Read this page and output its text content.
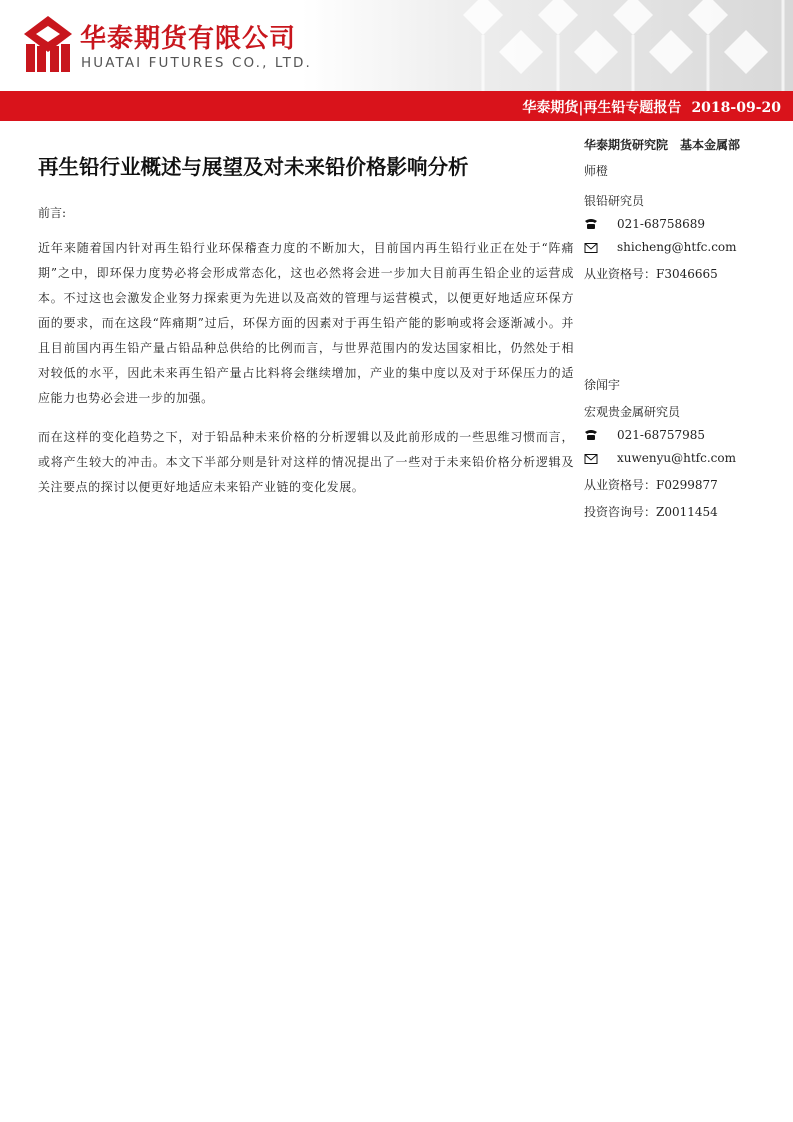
华泰期货有限公司
HUATAI FUTURES CO., LTD.
华泰期货|再生铅专题报告 2018-09-20
再生铅行业概述与展望及对未来铅价格影响分析
前言:

近年来随着国内针对再生铅行业环保稽查力度的不断加大，目前国内再生铅行业正在处于“阵痛期”之中，即环保力度势必将会形成常态化，这也必然将会进一步加大目前再生铅企业的运营成本。不过这也会激发企业努力探索更为先进以及高效的管理与运营模式，以便更好地适应环保方面的要求，而在这段“阵痛期”过后，环保方面的因素对于再生铅产能的影响或将会逐渐减小。并且目前国内再生铅产量占铅品种总供给的比例而言，与世界范围内的发达国家相比，仍然处于相对较低的水平，因此未来再生铅产量占比料将会继续增加，产业的集中度以及对于环保压力的适应能力也势必会进一步的加强。

而在这样的变化趋势之下，对于铅品种未来价格的分析逻辑以及此前形成的一些思维习惯而言，或将产生较大的冲击。本文下半部分则是针对这样的情况提出了一些对于未来铅价格分析逻辑及关注要点的探讨以便更好地适应未来铅产业链的变化发展。

华泰期货研究院　基本金属部
师橙
银铅研究员
021-68758689
shicheng@htfc.com
从业资格号：F3046665
徐闻宇
宏观贵金属研究员
021-68757985
xuwenyu@htfc.com
从业资格号：F0299877
投资咨询号：Z0011454
